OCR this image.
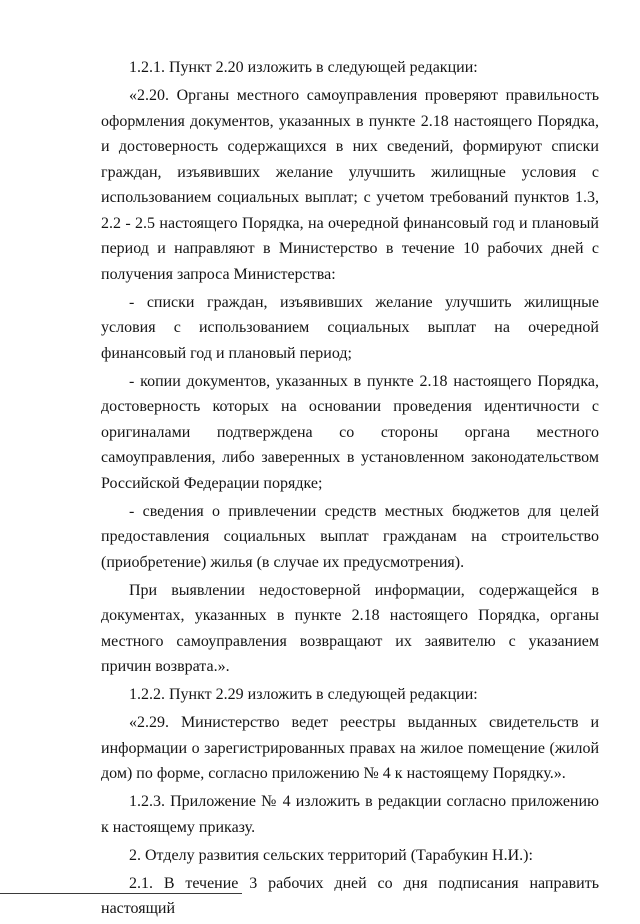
1.2.1. Пункт 2.20 изложить в следующей редакции:

«2.20. Органы местного самоуправления проверяют правильность оформления документов, указанных в пункте 2.18 настоящего Порядка, и достоверность содержащихся в них сведений, формируют списки граждан, изъявивших желание улучшить жилищные условия с использованием социальных выплат; с учетом требований пунктов 1.3, 2.2 - 2.5 настоящего Порядка, на очередной финансовый год и плановый период и направляют в Министерство в течение 10 рабочих дней с получения запроса Министерства:

- списки граждан, изъявивших желание улучшить жилищные условия с использованием социальных выплат на очередной финансовый год и плановый период;

- копии документов, указанных в пункте 2.18 настоящего Порядка, достоверность которых на основании проведения идентичности с оригиналами подтверждена со стороны органа местного самоуправления, либо заверенных в установленном законодательством Российской Федерации порядке;

- сведения о привлечении средств местных бюджетов для целей предоставления социальных выплат гражданам на строительство (приобретение) жилья (в случае их предусмотрения).

При выявлении недостоверной информации, содержащейся в документах, указанных в пункте 2.18 настоящего Порядка, органы местного самоуправления возвращают их заявителю с указанием причин возврата.».

1.2.2. Пункт 2.29 изложить в следующей редакции:

«2.29. Министерство ведет реестры выданных свидетельств и информации о зарегистрированных правах на жилое помещение (жилой дом) по форме, согласно приложению № 4 к настоящему Порядку.».

1.2.3. Приложение № 4 изложить в редакции согласно приложению к настоящему приказу.

2. Отделу развития сельских территорий (Тарабукин Н.И.):

2.1. В течение 3 рабочих дней со дня подписания направить настоящий
